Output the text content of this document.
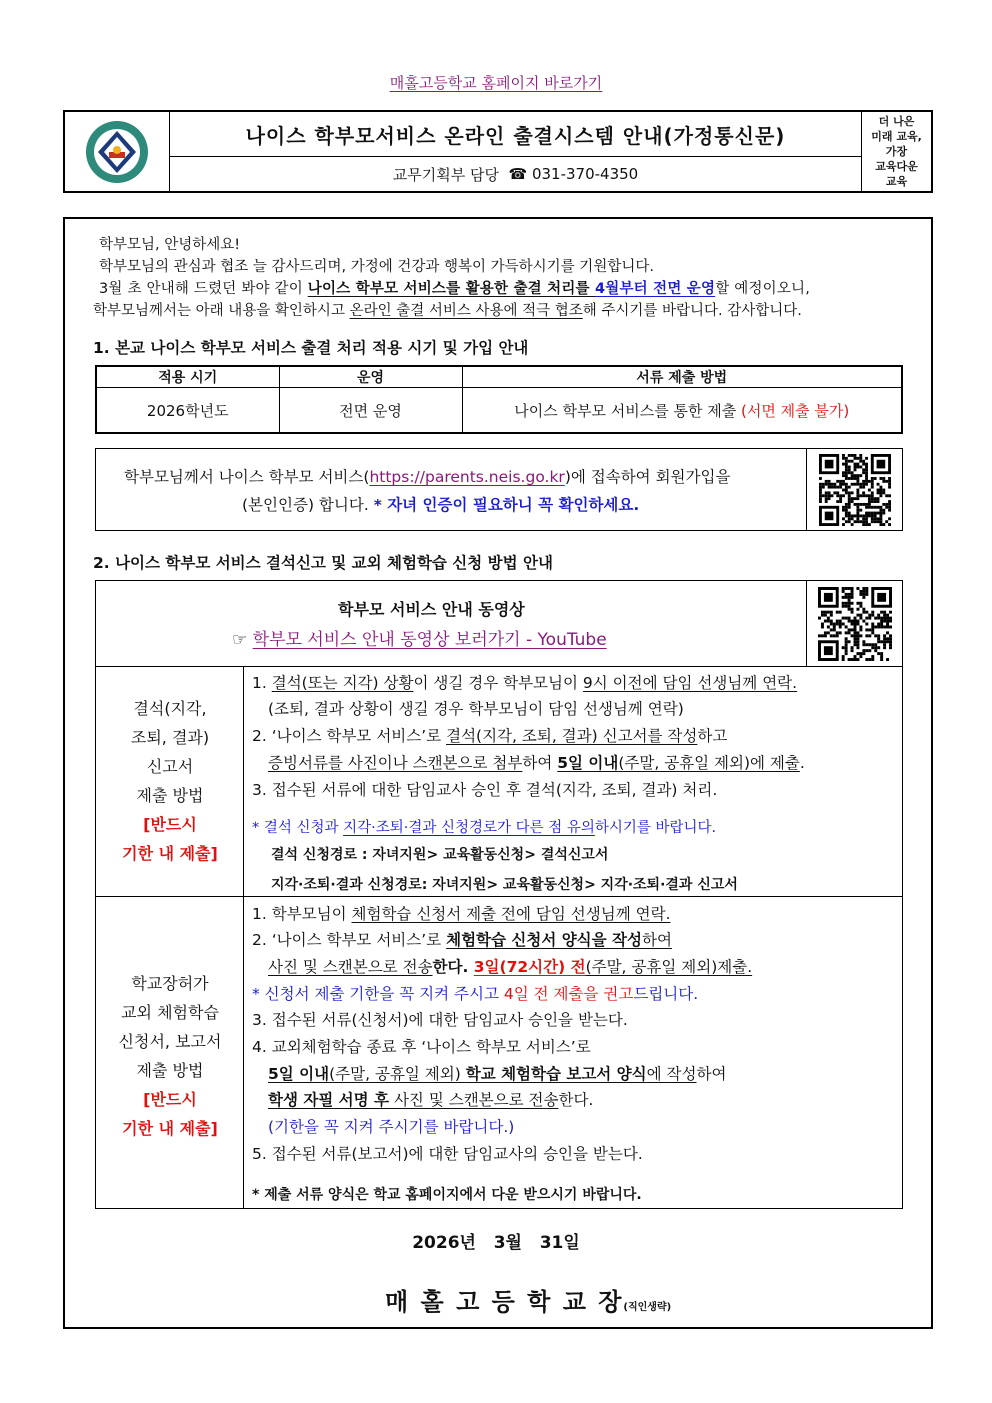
매홀고등학교 홈페이지 바로가기
나이스 학부모서비스 온라인 출결시스템 안내(가정통신문)
교무기획부 담당
☎
031-370-4350
더 나은
미래 교육,
가장
교육다운
교육
학부모님, 안녕하세요!
학부모님의 관심과 협조 늘 감사드리며, 가정에 건강과 행복이 가득하시기를 기원합니다.
3월 초 안내해 드렸던 봐야 같이 나이스 학부모 서비스를 활용한 출결 처리를 4월부터 전면 운영할 예정이오니,
학부모님께서는 아래 내용을 확인하시고 온라인 출결 서비스 사용에 적극 협조해 주시기를 바랍니다. 감사합니다.
1. 본교 나이스 학부모 서비스 출결 처리 적용 시기 및 가입 안내
적용 시기	운영	서류 제출 방법
2026학년도	전면 운영	나이스 학부모 서비스를 통한 제출 (서면 제출 불가)
학부모님께서 나이스 학부모 서비스(https://parents.neis.go.kr)에 접속하여 회원가입을
(본인인증) 합니다. * 자녀 인증이 필요하니 꼭 확인하세요.
2. 나이스 학부모 서비스 결석신고 및 교외 체험학습 신청 방법 안내
학부모 서비스 안내 동영상
☞ 학부모 서비스 안내 동영상 보러가기 - YouTube
결석(지각,
조퇴, 결과)
신고서
제출 방법
[반드시
기한 내 제출]
1. 결석(또는 지각) 상황이 생길 경우 학부모님이 9시 이전에 담임 선생님께 연락.
(조퇴, 결과 상황이 생길 경우 학부모님이 담임 선생님께 연락)
2. ‘나이스 학부모 서비스’로 결석(지각, 조퇴, 결과) 신고서를 작성하고
증빙서류를 사진이나 스캔본으로 첨부하여 5일 이내(주말, 공휴일 제외)에 제출.
3. 접수된 서류에 대한 담임교사 승인 후 결석(지각, 조퇴, 결과) 처리.
* 결석 신청과 지각·조퇴·결과 신청경로가 다른 점 유의하시기를 바랍니다.
결석 신청경로 : 자녀지원> 교육활동신청> 결석신고서
지각·조퇴·결과 신청경로: 자녀지원> 교육활동신청> 지각·조퇴·결과 신고서
학교장허가
교외 체험학습
신청서, 보고서
제출 방법
[반드시
기한 내 제출]
1. 학부모님이 체험학습 신청서 제출 전에 담임 선생님께 연락.
2. ‘나이스 학부모 서비스’로 체험학습 신청서 양식을 작성하여
사진 및 스캔본으로 전송한다. 3일(72시간) 전(주말, 공휴일 제외)제출.
* 신청서 제출 기한을 꼭 지켜 주시고 4일 전 제출을 권고드립니다.
3. 접수된 서류(신청서)에 대한 담임교사 승인을 받는다.
4. 교외체험학습 종료 후 ‘나이스 학부모 서비스’로
5일 이내(주말, 공휴일 제외) 학교 체험학습 보고서 양식에 작성하여
학생 자필 서명 후 사진 및 스캔본으로 전송한다.
(기한을 꼭 지켜 주시기를 바랍니다.)
5. 접수된 서류(보고서)에 대한 담임교사의 승인을 받는다.
* 제출 서류 양식은 학교 홈페이지에서 다운 받으시기 바랍니다.
2026년   3월   31일
매 홀 고 등 학 교 장(직인생략)
